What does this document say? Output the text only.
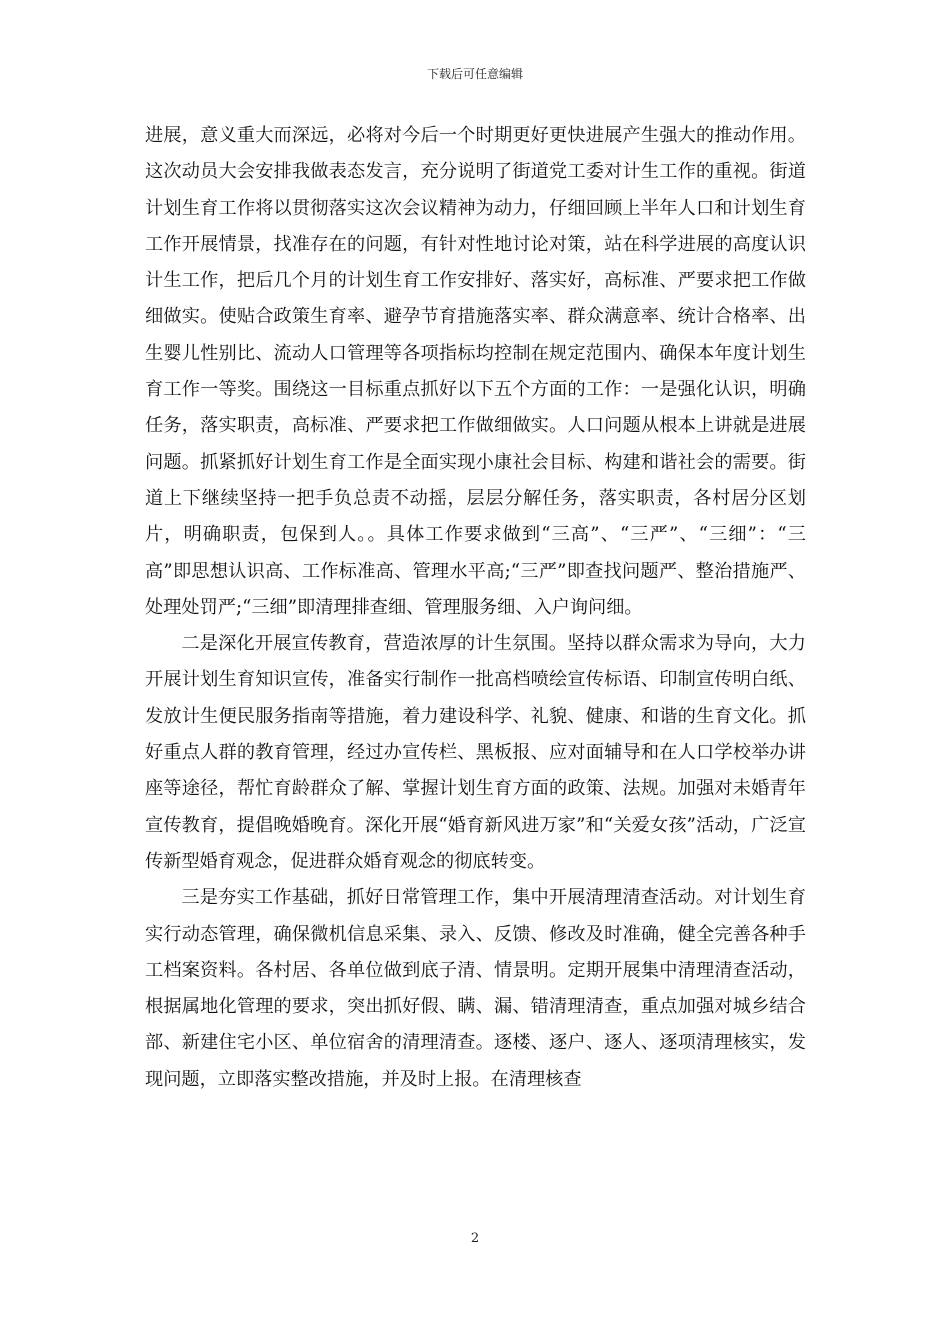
下载后可任意编辑

进展，意义重大而深远，必将对今后一个时期更好更快进展产生强大的推动作用。这次动员大会安排我做表态发言，充分说明了街道党工委对计生工作的重视。街道计划生育工作将以贯彻落实这次会议精神为动力，仔细回顾上半年人口和计划生育工作开展情景，找准存在的问题，有针对性地讨论对策，站在科学进展的高度认识计生工作，把后几个月的计划生育工作安排好、落实好，高标准、严要求把工作做细做实。使贴合政策生育率、避孕节育措施落实率、群众满意率、统计合格率、出生婴儿性别比、流动人口管理等各项指标均控制在规定范围内、确保本年度计划生育工作一等奖。围绕这一目标重点抓好以下五个方面的工作：一是强化认识，明确任务，落实职责，高标准、严要求把工作做细做实。人口问题从根本上讲就是进展问题。抓紧抓好计划生育工作是全面实现小康社会目标、构建和谐社会的需要。街道上下继续坚持一把手负总责不动摇，层层分解任务，落实职责，各村居分区划片，明确职责，包保到人。。具体工作要求做到“三高”、“三严”、“三细”：“三高”即思想认识高、工作标准高、管理水平高;“三严”即查找问题严、整治措施严、处理处罚严;“三细”即清理排查细、管理服务细、入户询问细。

二是深化开展宣传教育，营造浓厚的计生氛围。坚持以群众需求为导向，大力开展计划生育知识宣传，准备实行制作一批高档喷绘宣传标语、印制宣传明白纸、发放计生便民服务指南等措施，着力建设科学、礼貌、健康、和谐的生育文化。抓好重点人群的教育管理，经过办宣传栏、黑板报、应对面辅导和在人口学校举办讲座等途径，帮忙育龄群众了解、掌握计划生育方面的政策、法规。加强对未婚青年宣传教育，提倡晚婚晚育。深化开展“婚育新风进万家”和“关爱女孩”活动，广泛宣传新型婚育观念，促进群众婚育观念的彻底转变。

三是夯实工作基础，抓好日常管理工作，集中开展清理清查活动。对计划生育实行动态管理，确保微机信息采集、录入、反馈、修改及时准确，健全完善各种手工档案资料。各村居、各单位做到底子清、情景明。定期开展集中清理清查活动，根据属地化管理的要求，突出抓好假、瞒、漏、错清理清查，重点加强对城乡结合部、新建住宅小区、单位宿舍的清理清查。逐楼、逐户、逐人、逐项清理核实，发现问题，立即落实整改措施，并及时上报。在清理核查

2
